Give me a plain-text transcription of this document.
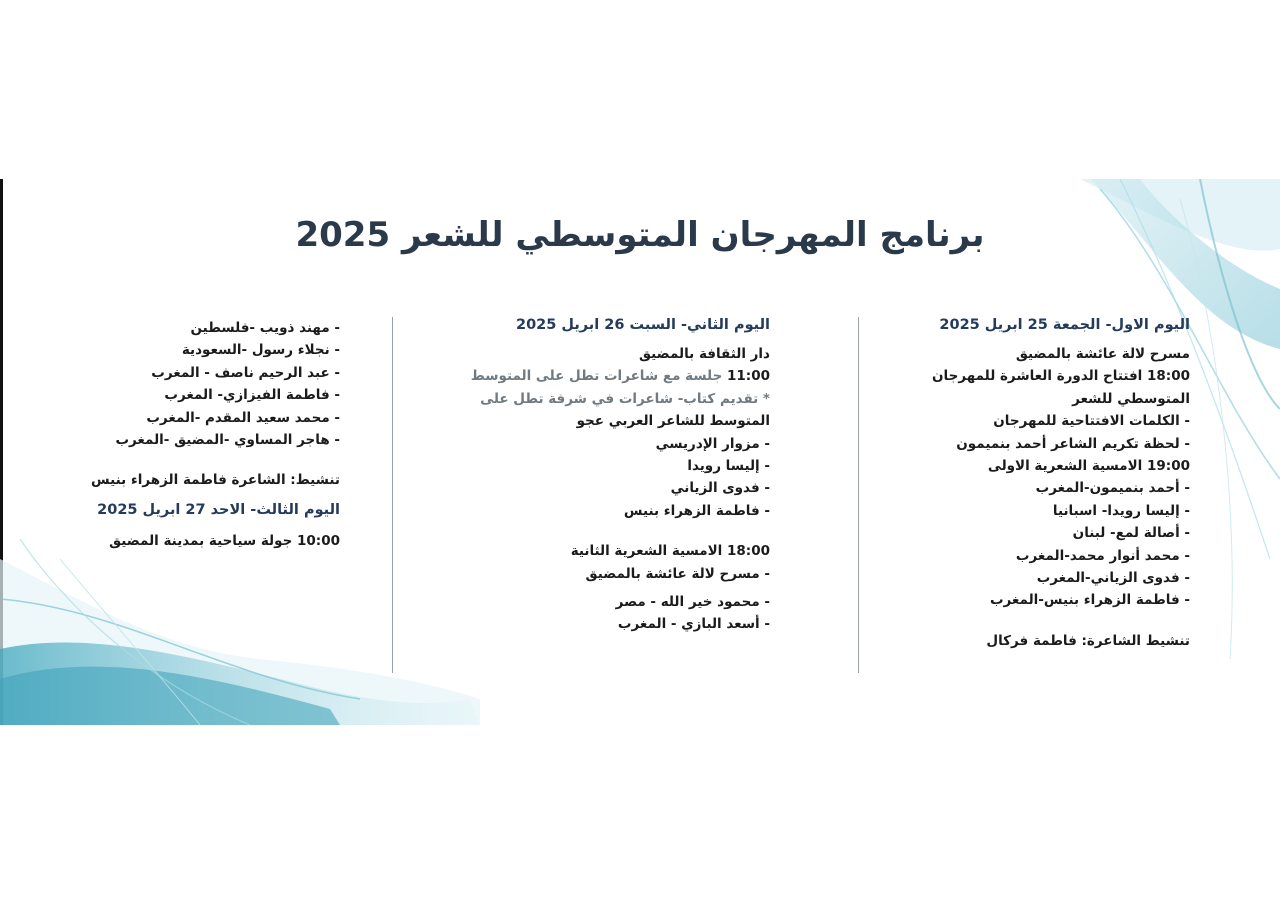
برنامج المهرجان المتوسطي للشعر 2025
اليوم الاول- الجمعة 25 ابريل 2025
مسرح لالة عائشة بالمضيق
18:00 افتتاح الدورة العاشرة للمهرجان
المتوسطي للشعر
- الكلمات الافتتاحية للمهرجان
- لحظة تكريم الشاعر أحمد بنميمون
19:00 الامسية الشعرية الاولى
- أحمد بنميمون-المغرب
- إليسا رويدا- اسبانيا
- أصالة لمع- لبنان
- محمد أنوار محمد-المغرب
- فدوى الزياني-المغرب
- فاطمة الزهراء بنيس-المغرب
تنشيط الشاعرة: فاطمة فركال
اليوم الثاني- السبت 26 ابريل 2025
دار الثقافة بالمضيق
11:00 جلسة مع شاعرات تطل على المتوسط
* تقديم كتاب- شاعرات في شرفة تطل على
المتوسط للشاعر العربي عجو
- مزوار الإدريسي
- إليسا رويدا
- فدوى الزياني
- فاطمة الزهراء بنيس
18:00 الامسية الشعرية الثانية
- مسرح لالة عائشة بالمضيق
- محمود خير الله - مصر
- أسعد البازي - المغرب
- مهند ذويب -فلسطين
- نجلاء رسول -السعودية
- عبد الرحيم ناصف - المغرب
- فاطمة الفيزازي- المغرب
- محمد سعيد المقدم -المغرب
- هاجر المساوي -المضيق -المغرب
تنشيط: الشاعرة فاطمة الزهراء بنيس
اليوم الثالث- الاحد 27 ابريل 2025
10:00 جولة سياحية بمدينة المضيق
